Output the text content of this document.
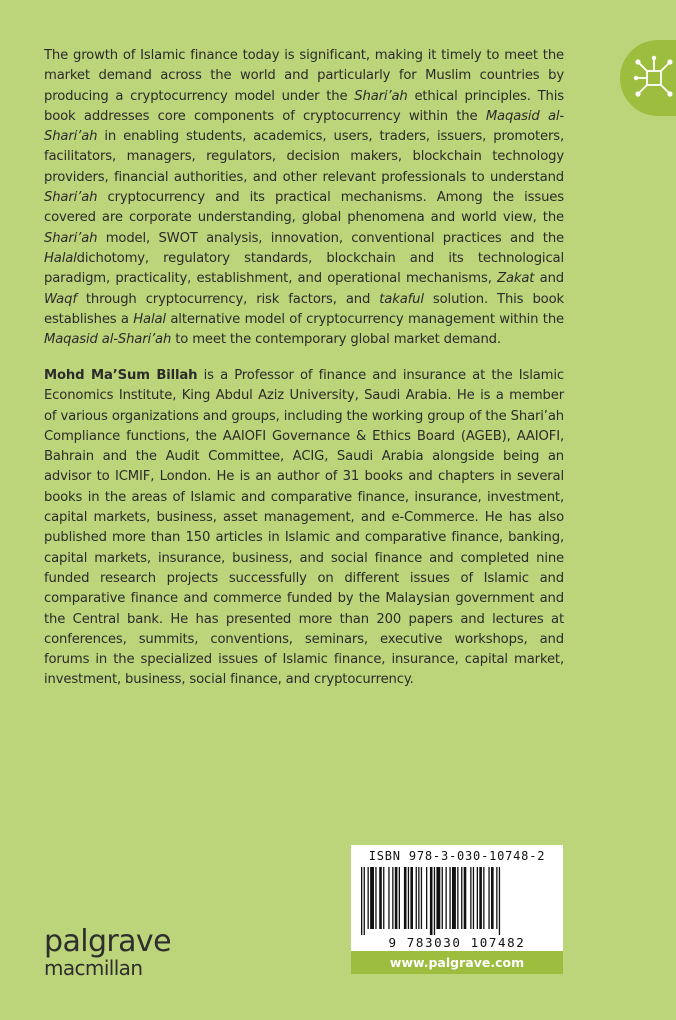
The growth of Islamic finance today is significant, making it timely to meet the market demand across the world and particularly for Muslim countries by producing a cryptocurrency model under the Shari’ah ethical principles. This book addresses core components of cryptocurrency within the Maqasid al-Shari’ah in enabling students, academics, users, traders, issuers, promoters, facilitators, managers, regulators, decision makers, blockchain technology providers, financial authorities, and other relevant professionals to understand Shari’ah cryptocurrency and its practical mechanisms. Among the issues covered are corporate understanding, global phenomena and world view, the Shari’ah model, SWOT analysis, innovation, conventional practices and the Halaldichotomy, regulatory standards, blockchain and its technological paradigm, practicality, establishment, and operational mechanisms, Zakat and Waqf through cryptocurrency, risk factors, and takaful solution. This book establishes a Halal alternative model of cryptocurrency management within the Maqasid al-Shari’ah to meet the contemporary global market demand.
Mohd Ma’Sum Billah is a Professor of finance and insurance at the Islamic Economics Institute, King Abdul Aziz University, Saudi Arabia. He is a member of various organizations and groups, including the working group of the Shari’ah Compliance functions, the AAIOFI Governance & Ethics Board (AGEB), AAIOFI, Bahrain and the Audit Committee, ACIG, Saudi Arabia alongside being an advisor to ICMIF, London. He is an author of 31 books and chapters in several books in the areas of Islamic and comparative finance, insurance, investment, capital markets, business, asset management, and e-Commerce. He has also published more than 150 articles in Islamic and comparative finance, banking, capital markets, insurance, business, and social finance and completed nine funded research projects successfully on different issues of Islamic and comparative finance and commerce funded by the Malaysian government and the Central bank. He has presented more than 200 papers and lectures at conferences, summits, conventions, seminars, executive workshops, and forums in the specialized issues of Islamic finance, insurance, capital market, investment, business, social finance, and cryptocurrency.
palgrave
macmillan
ISBN 978-3-030-10748-2
9 783030 107482
www.palgrave.com
